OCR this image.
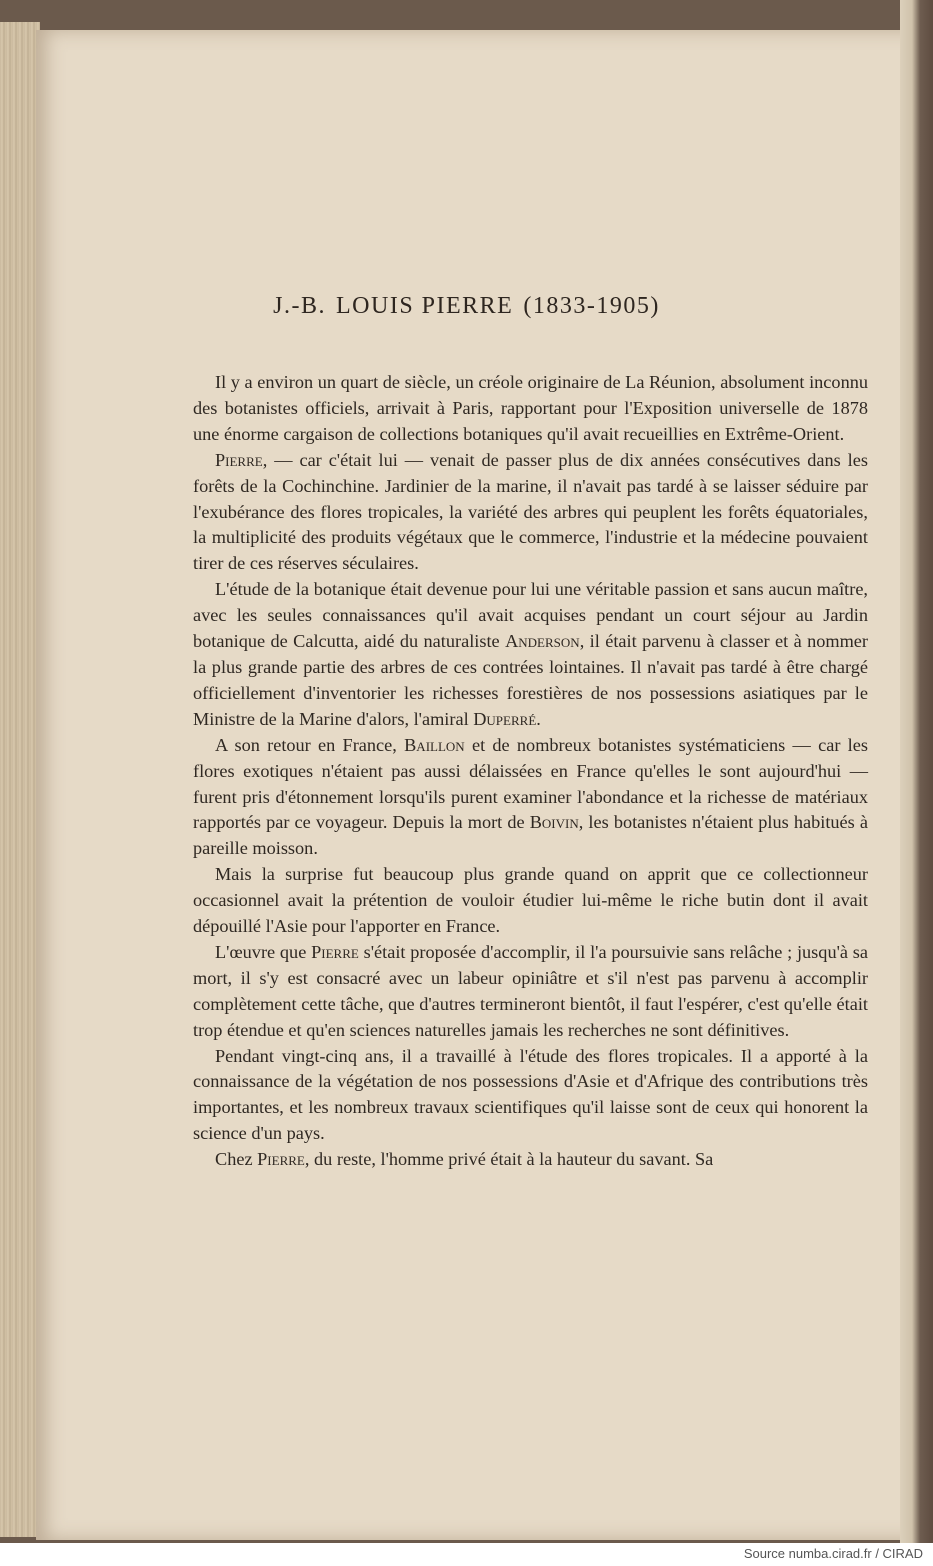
J.-B. LOUIS PIERRE (1833-1905)

Il y a environ un quart de siècle, un créole originaire de La Réunion, absolument inconnu des botanistes officiels, arrivait à Paris, rapportant pour l'Exposition universelle de 1878 une énorme cargaison de collections botaniques qu'il avait recueillies en Extrême-Orient.

Pierre, — car c'était lui — venait de passer plus de dix années consécutives dans les forêts de la Cochinchine. Jardinier de la marine, il n'avait pas tardé à se laisser séduire par l'exubérance des flores tropicales, la variété des arbres qui peuplent les forêts équatoriales, la multiplicité des produits végétaux que le commerce, l'industrie et la médecine pouvaient tirer de ces réserves séculaires.

L'étude de la botanique était devenue pour lui une véritable passion et sans aucun maître, avec les seules connaissances qu'il avait acquises pendant un court séjour au Jardin botanique de Calcutta, aidé du naturaliste Anderson, il était parvenu à classer et à nommer la plus grande partie des arbres de ces contrées lointaines. Il n'avait pas tardé à être chargé officiellement d'inventorier les richesses forestières de nos possessions asiatiques par le Ministre de la Marine d'alors, l'amiral Duperré.

A son retour en France, Baillon et de nombreux botanistes systématiciens — car les flores exotiques n'étaient pas aussi délaissées en France qu'elles le sont aujourd'hui — furent pris d'étonnement lorsqu'ils purent examiner l'abondance et la richesse de matériaux rapportés par ce voyageur. Depuis la mort de Boivin, les botanistes n'étaient plus habitués à pareille moisson.

Mais la surprise fut beaucoup plus grande quand on apprit que ce collectionneur occasionnel avait la prétention de vouloir étudier lui-même le riche butin dont il avait dépouillé l'Asie pour l'apporter en France.

L'œuvre que Pierre s'était proposée d'accomplir, il l'a poursuivie sans relâche ; jusqu'à sa mort, il s'y est consacré avec un labeur opiniâtre et s'il n'est pas parvenu à accomplir complètement cette tâche, que d'autres termineront bientôt, il faut l'espérer, c'est qu'elle était trop étendue et qu'en sciences naturelles jamais les recherches ne sont définitives.

Pendant vingt-cinq ans, il a travaillé à l'étude des flores tropicales. Il a apporté à la connaissance de la végétation de nos possessions d'Asie et d'Afrique des contributions très importantes, et les nombreux travaux scientifiques qu'il laisse sont de ceux qui honorent la science d'un pays.

Chez Pierre, du reste, l'homme privé était à la hauteur du savant. Sa

Source numba.cirad.fr / CIRAD
